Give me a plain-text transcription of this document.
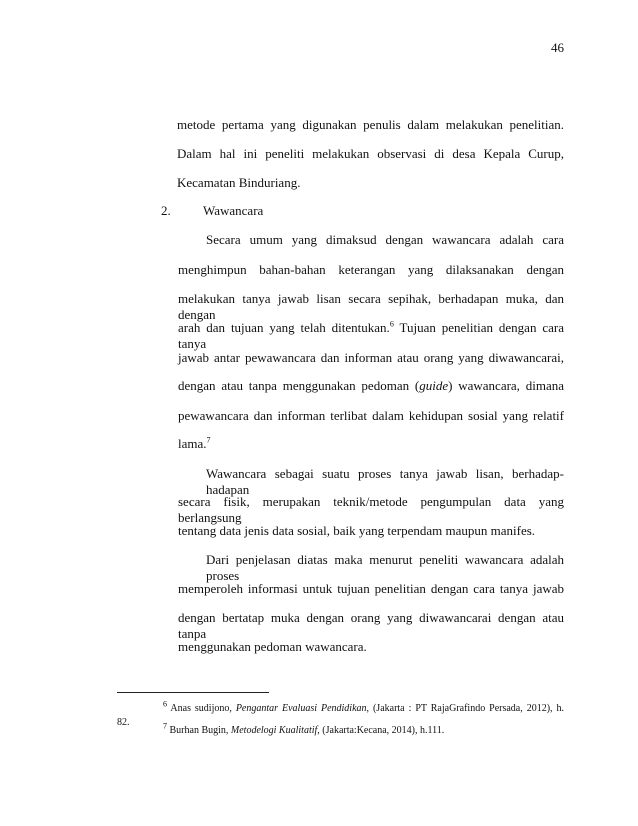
46
metode pertama yang digunakan penulis dalam melakukan penelitian.
Dalam hal ini peneliti melakukan observasi di desa Kepala Curup,
Kecamatan Binduriang.
2. Wawancara
Secara umum yang dimaksud dengan wawancara adalah cara
menghimpun bahan-bahan keterangan yang dilaksanakan dengan
melakukan tanya jawab lisan secara sepihak, berhadapan muka, dan dengan
arah dan tujuan yang telah ditentukan.$^6$ Tujuan penelitian dengan cara tanya
jawab antar pewawancara dan informan atau orang yang diwawancarai,
dengan atau tanpa menggunakan pedoman (guide) wawancara, dimana
pewawancara dan informan terlibat dalam kehidupan sosial yang relatif
lama.$^7$
Wawancara sebagai suatu proses tanya jawab lisan, berhadap-hadapan
secara fisik, merupakan teknik/metode pengumpulan data yang berlangsung
tentang data jenis data sosial, baik yang terpendam maupun manifes.
Dari penjelasan diatas maka menurut peneliti wawancara adalah proses
memperoleh informasi untuk tujuan penelitian dengan cara tanya jawab
dengan bertatap muka dengan orang yang diwawancarai dengan atau tanpa
menggunakan pedoman wawancara.
$^6$ Anas sudijono, Pengantar Evaluasi Pendidikan, (Jakarta : PT RajaGrafindo Persada, 2012), h.
82.	$^7$ Burhan Bugin, Metodelogi Kualitatif, (Jakarta:Kecana, 2014), h.111.
